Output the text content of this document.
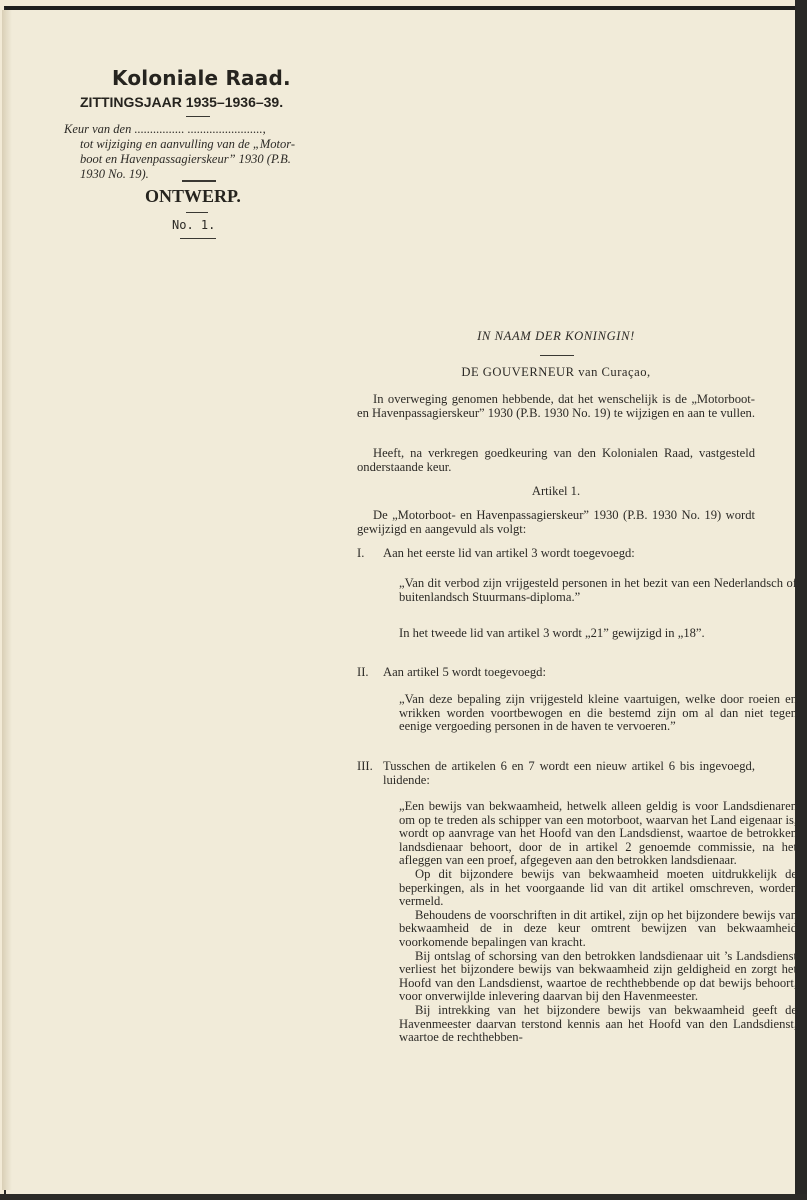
Koloniale Raad.
ZITTINGSJAAR 1935–1936–39.
Keur van den ................ ........................,
tot wijziging en aanvulling van de „Motor-
boot en Havenpassagierskeur” 1930 (P.B.
1930 No. 19).
ONTWERP.
No. 1.
IN NAAM DER KONINGIN!
DE GOUVERNEUR van Curaçao,
In overweging genomen hebbende, dat het wenschelijk is de „Motorboot- en Havenpassagierskeur” 1930 (P.B. 1930 No. 19) te wijzigen en aan te vullen.
Heeft, na verkregen goedkeuring van den Kolonialen Raad, vastgesteld onderstaande keur.
Artikel 1.
De „Motorboot- en Havenpassagierskeur” 1930 (P.B. 1930 No. 19) wordt gewijzigd en aangevuld als volgt:
I.	Aan het eerste lid van artikel 3 wordt toegevoegd:
„Van dit verbod zijn vrijgesteld personen in het bezit van een Nederlandsch of buitenlandsch Stuurmans-diploma.”
In het tweede lid van artikel 3 wordt „21” gewijzigd in „18”.
II.	Aan artikel 5 wordt toegevoegd:
„Van deze bepaling zijn vrijgesteld kleine vaartuigen, welke door roeien en wrikken worden voortbewogen en die bestemd zijn om al dan niet tegen eenige vergoeding personen in de haven te vervoeren.”
III. Tusschen de artikelen 6 en 7 wordt een nieuw artikel 6 bis ingevoegd, luidende:

„Een bewijs van bekwaamheid, hetwelk alleen geldig is voor Landsdienaren om op te treden als schipper van een motorboot, waarvan het Land eigenaar is, wordt op aanvrage van het Hoofd van den Landsdienst, waartoe de betrokken landsdienaar behoort, door de in artikel 2 genoemde commissie, na het afleggen van een proef, afgegeven aan den betrokken landsdienaar.

Op dit bijzondere bewijs van bekwaamheid moeten uitdrukkelijk de beperkingen, als in het voorgaande lid van dit artikel omschreven, worden vermeld.

Behoudens de voorschriften in dit artikel, zijn op het bijzondere bewijs van bekwaamheid de in deze keur omtrent bewijzen van bekwaamheid voorkomende bepalingen van kracht.

Bij ontslag of schorsing van den betrokken landsdienaar uit ’s Landsdienst verliest het bijzondere bewijs van bekwaamheid zijn geldigheid en zorgt het Hoofd van den Landsdienst, waartoe de rechthebbende op dat bewijs behoort, voor onverwijlde inlevering daarvan bij den Havenmeester.

Bij intrekking van het bijzondere bewijs van bekwaamheid geeft de Havenmeester daarvan terstond kennis aan het Hoofd van den Landsdienst, waartoe de rechthebben-
